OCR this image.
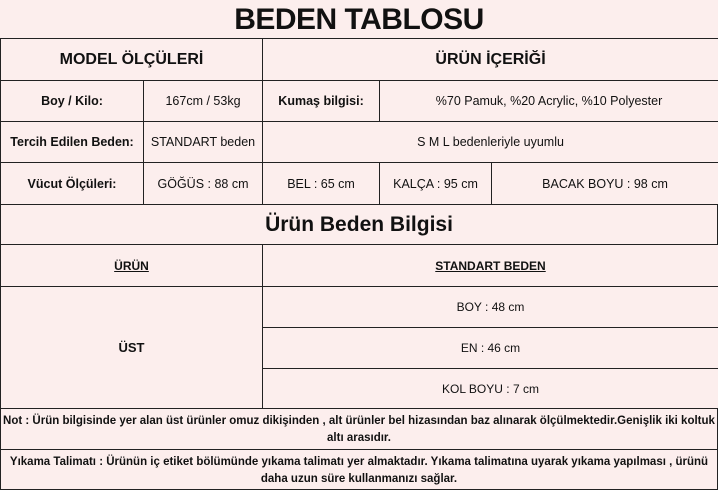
BEDEN TABLOSU
MODEL ÖLÇÜLERİ		ÜRÜN İÇERİĞİ		
Boy / Kilo:	167cm / 53kg	Kumaş bilgisi:	%70 Pamuk, %20 Acrylic, %10 Polyester	
Tercih Edilen Beden:	STANDART beden	S M L bedenleriyle uyumlu		
Vücut Ölçüleri:	GÖĞÜS : 88 cm	BEL : 65 cm	KALÇA : 95 cm	BACAK BOYU : 98 cm
Ürün Beden Bilgisi
ÜRÜN	STANDART BEDEN
ÜST	BOY : 48 cm
	EN : 46 cm
	KOL BOYU : 7 cm
Not : Ürün bilgisinde yer alan üst ürünler omuz dikişinden , alt ürünler bel hizasından baz alınarak ölçülmektedir.Genişlik iki koltuk altı arasıdır.
Yıkama Talimatı : Ürünün iç etiket bölümünde yıkama talimatı yer almaktadır. Yıkama talimatına uyarak yıkama yapılması , ürünü daha uzun süre kullanmanızı sağlar.
